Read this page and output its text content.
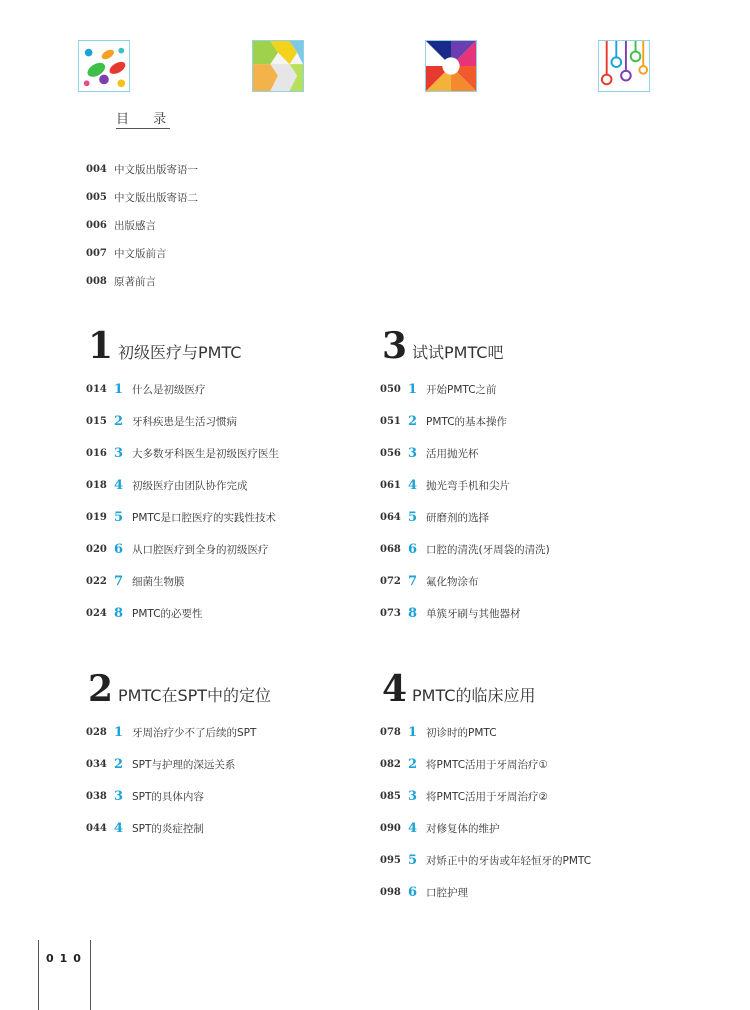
目 录
004 中文版出版寄语一
005 中文版出版寄语二
006 出版感言
007 中文版前言
008 原著前言
1 初级医疗与PMTC
014 1 什么是初级医疗
015 2 牙科疾患是生活习惯病
016 3 大多数牙科医生是初级医疗医生
018 4 初级医疗由团队协作完成
019 5 PMTC是口腔医疗的实践性技术
020 6 从口腔医疗到全身的初级医疗
022 7 细菌生物膜
024 8 PMTC的必要性
2 PMTC在SPT中的定位
028 1 牙周治疗少不了后续的SPT
034 2 SPT与护理的深远关系
038 3 SPT的具体内容
044 4 SPT的炎症控制
3 试试PMTC吧
050 1 开始PMTC之前
051 2 PMTC的基本操作
056 3 活用抛光杯
061 4 抛光弯手机和尖片
064 5 研磨剂的选择
068 6 口腔的清洗(牙周袋的清洗)
072 7 氟化物涂布
073 8 单簇牙刷与其他器材
4 PMTC的临床应用
078 1 初诊时的PMTC
082 2 将PMTC活用于牙周治疗①
085 3 将PMTC活用于牙周治疗②
090 4 对修复体的维护
095 5 对矫正中的牙齿或年轻恒牙的PMTC
098 6 口腔护理
010
